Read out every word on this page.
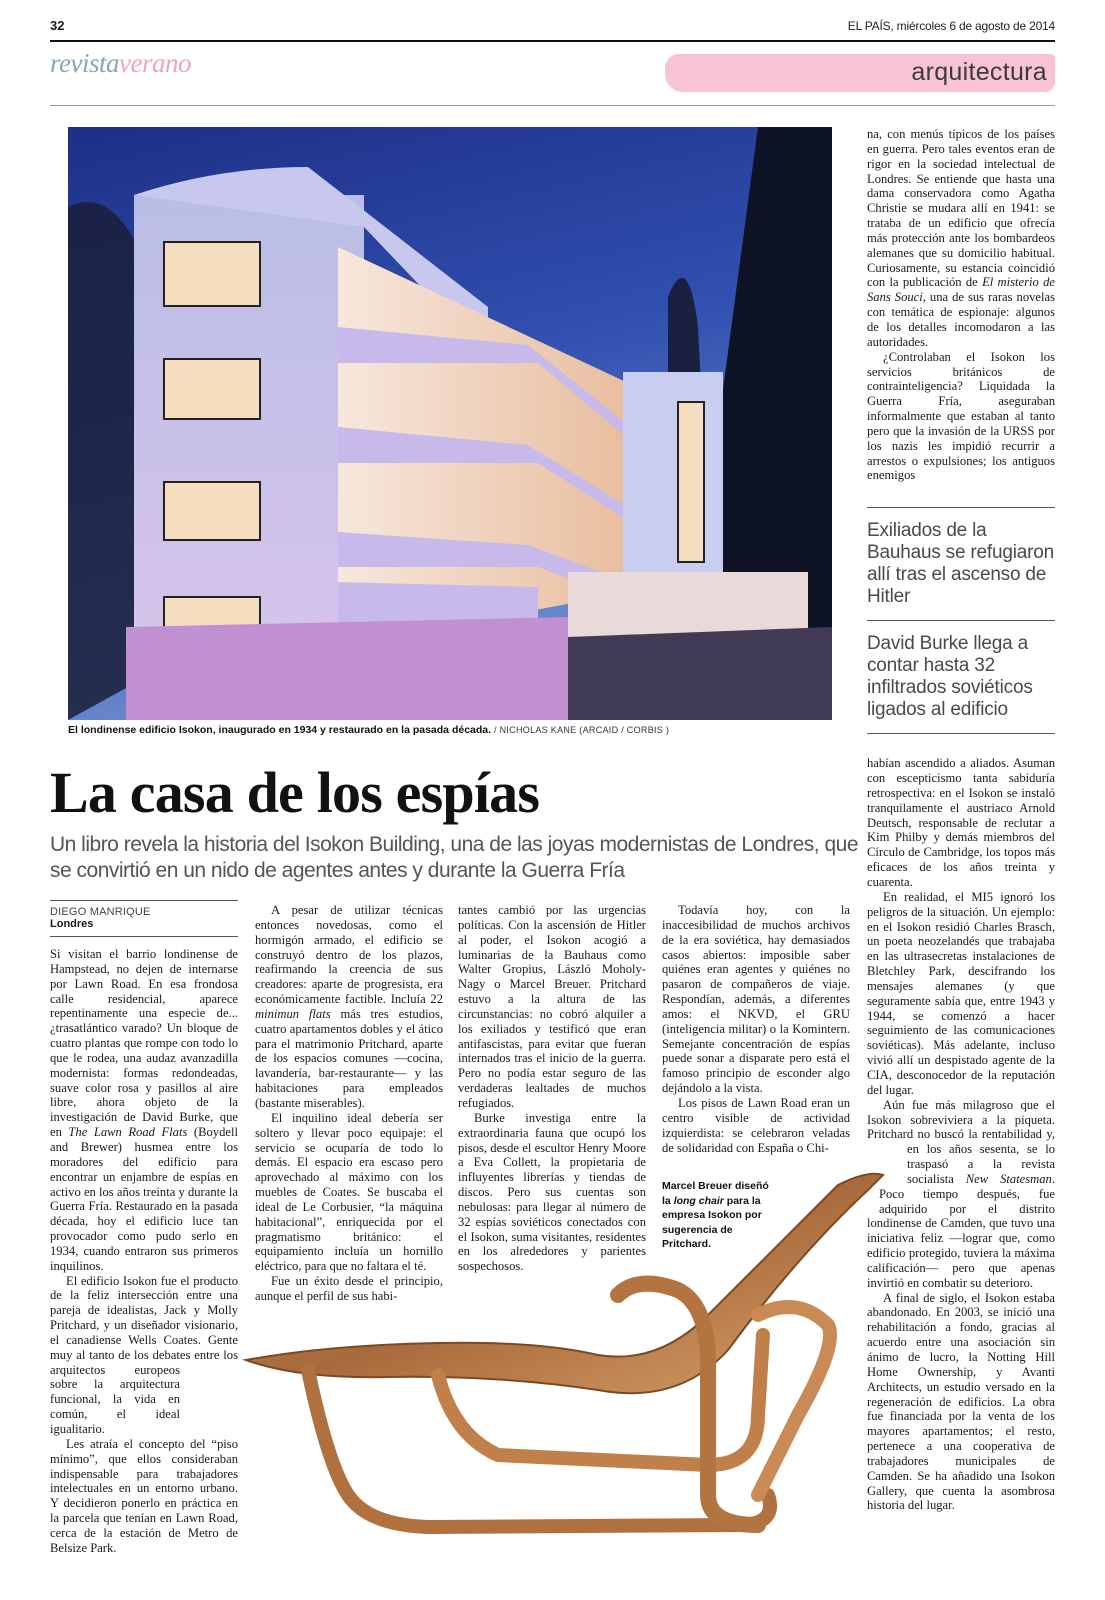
32	EL PAÍS, miércoles 6 de agosto de 2014
revistaverano	arquitectura
El londinense edificio Isokon, inaugurado en 1934 y restaurado en la pasada década. / NICHOLAS KANE (ARCAID / CORBIS )

na, con menús típicos de los países en guerra. Pero tales eventos eran de rigor en la sociedad intelectual de Londres. Se entiende que hasta una dama conservadora como Agatha Christie se mudara allí en 1941: se trataba de un edificio que ofrecía más protección ante los bombardeos alemanes que su domicilio habitual. Curiosamente, su estancia coincidió con la publicación de El misterio de Sans Souci, una de sus raras novelas con temática de espionaje: algunos de los detalles incomodaron a las autoridades.

¿Controlaban el Isokon los servicios británicos de contrainteligencia? Liquidada la Guerra Fría, aseguraban informalmente que estaban al tanto pero que la invasión de la URSS por los nazis les impidió recurrir a arrestos o expulsiones; los antiguos enemigos

Exiliados de la Bauhaus se refugiaron allí tras el ascenso de Hitler
David Burke llega a contar hasta 32 infiltrados soviéticos ligados al edificio

habían ascendido a aliados. Asuman con escepticismo tanta sabiduría retrospectiva: en el Isokon se instaló tranquilamente el austriaco Arnold Deutsch, responsable de reclutar a Kim Philby y demás miembros del Círculo de Cambridge, los topos más eficaces de los años treinta y cuarenta.

En realidad, el MI5 ignoró los peligros de la situación. Un ejemplo: en el Isokon residió Charles Brasch, un poeta neozelandés que trabajaba en las ultrasecretas instalaciones de Bletchley Park, descifrando los mensajes alemanes (y que seguramente sabía que, entre 1943 y 1944, se comenzó a hacer seguimiento de las comunicaciones soviéticas). Más adelante, incluso vivió allí un despistado agente de la CIA, desconocedor de la reputación del lugar.

Aún fue más milagroso que el Isokon sobreviviera a la piqueta. Pritchard no buscó la rentabilidad y, en los años sesenta, se lo traspasó a la revista socialista New Statesman. Poco tiempo después, fue adquirido por el distrito londinense de Camden, que tuvo una iniciativa feliz —lograr que, como edificio protegido, tuviera la máxima calificación— pero que apenas invirtió en combatir su deterioro.

A final de siglo, el Isokon estaba abandonado. En 2003, se inició una rehabilitación a fondo, gracias al acuerdo entre una asociación sin ánimo de lucro, la Notting Hill Home Ownership, y Avanti Architects, un estudio versado en la regeneración de edificios. La obra fue financiada por la venta de los mayores apartamentos; el resto, pertenece a una cooperativa de trabajadores municipales de Camden. Se ha añadido una Isokon Gallery, que cuenta la asombrosa historia del lugar.

La casa de los espías
Un libro revela la historia del Isokon Building, una de las joyas modernistas de Londres, que se convirtió en un nido de agentes antes y durante la Guerra Fría
DIEGO MANRIQUE
Londres

Si visitan el barrio londinense de Hampstead, no dejen de internarse por Lawn Road. En esa frondosa calle residencial, aparece repentinamente una especie de... ¿trasatlántico varado? Un bloque de cuatro plantas que rompe con todo lo que le rodea, una audaz avanzadilla modernista: formas redondeadas, suave color rosa y pasillos al aire libre, ahora objeto de la investigación de David Burke, que en The Lawn Road Flats (Boydell and Brewer) husmea entre los moradores del edificio para encontrar un enjambre de espías en activo en los años treinta y durante la Guerra Fría. Restaurado en la pasada década, hoy el edificio luce tan provocador como pudo serlo en 1934, cuando entraron sus primeros inquilinos.

El edificio Isokon fue el producto de la feliz intersección entre una pareja de idealistas, Jack y Molly Pritchard, y un diseñador visionario, el canadiense Wells Coates. Gente muy al tanto de los debates entre los arquitectos europeos sobre la arquitectura funcional, la vida en común, el ideal igualitario.

Les atraía el concepto del “piso mínimo”, que ellos consideraban indispensable para trabajadores intelectuales en un entorno urbano. Y decidieron ponerlo en práctica en la parcela que tenían en Lawn Road, cerca de la estación de Metro de Belsize Park.

A pesar de utilizar técnicas entonces novedosas, como el hormigón armado, el edificio se construyó dentro de los plazos, reafirmando la creencia de sus creadores: aparte de progresista, era económicamente factible. Incluía 22 minimun flats más tres estudios, cuatro apartamentos dobles y el ático para el matrimonio Pritchard, aparte de los espacios comunes —cocina, lavandería, bar-restaurante— y las habitaciones para empleados (bastante miserables).

El inquilino ideal debería ser soltero y llevar poco equipaje: el servicio se ocuparía de todo lo demás. El espacio era escaso pero aprovechado al máximo con los muebles de Coates. Se buscaba el ideal de Le Corbusier, “la máquina habitacional”, enriquecida por el pragmatismo británico: el equipamiento incluía un hornillo eléctrico, para que no faltara el té.

Fue un éxito desde el principio, aunque el perfil de sus habi-

tantes cambió por las urgencias políticas. Con la ascensión de Hitler al poder, el Isokon acogió a luminarias de la Bauhaus como Walter Gropius, László Moholy-Nagy o Marcel Breuer. Pritchard estuvo a la altura de las circunstancias: no cobró alquiler a los exiliados y testificó que eran antifascistas, para evitar que fueran internados tras el inicio de la guerra. Pero no podía estar seguro de las verdaderas lealtades de muchos refugiados.

Burke investiga entre la extraordinaria fauna que ocupó los pisos, desde el escultor Henry Moore a Eva Collett, la propietaria de influyentes librerías y tiendas de discos. Pero sus cuentas son nebulosas: para llegar al número de 32 espías soviéticos conectados con el Isokon, suma visitantes, residentes en los alrededores y parientes sospechosos.

Todavía hoy, con la inaccesibilidad de muchos archivos de la era soviética, hay demasiados casos abiertos: imposible saber quiénes eran agentes y quiénes no pasaron de compañeros de viaje. Respondían, además, a diferentes amos: el NKVD, el GRU (inteligencia militar) o la Komintern. Semejante concentración de espías puede sonar a disparate pero está el famoso principio de esconder algo dejándolo a la vista.

Los pisos de Lawn Road eran un centro visible de actividad izquierdista: se celebraron veladas de solidaridad con España o Chi-

Marcel Breuer diseñó la long chair para la empresa Isokon por sugerencia de Pritchard.
